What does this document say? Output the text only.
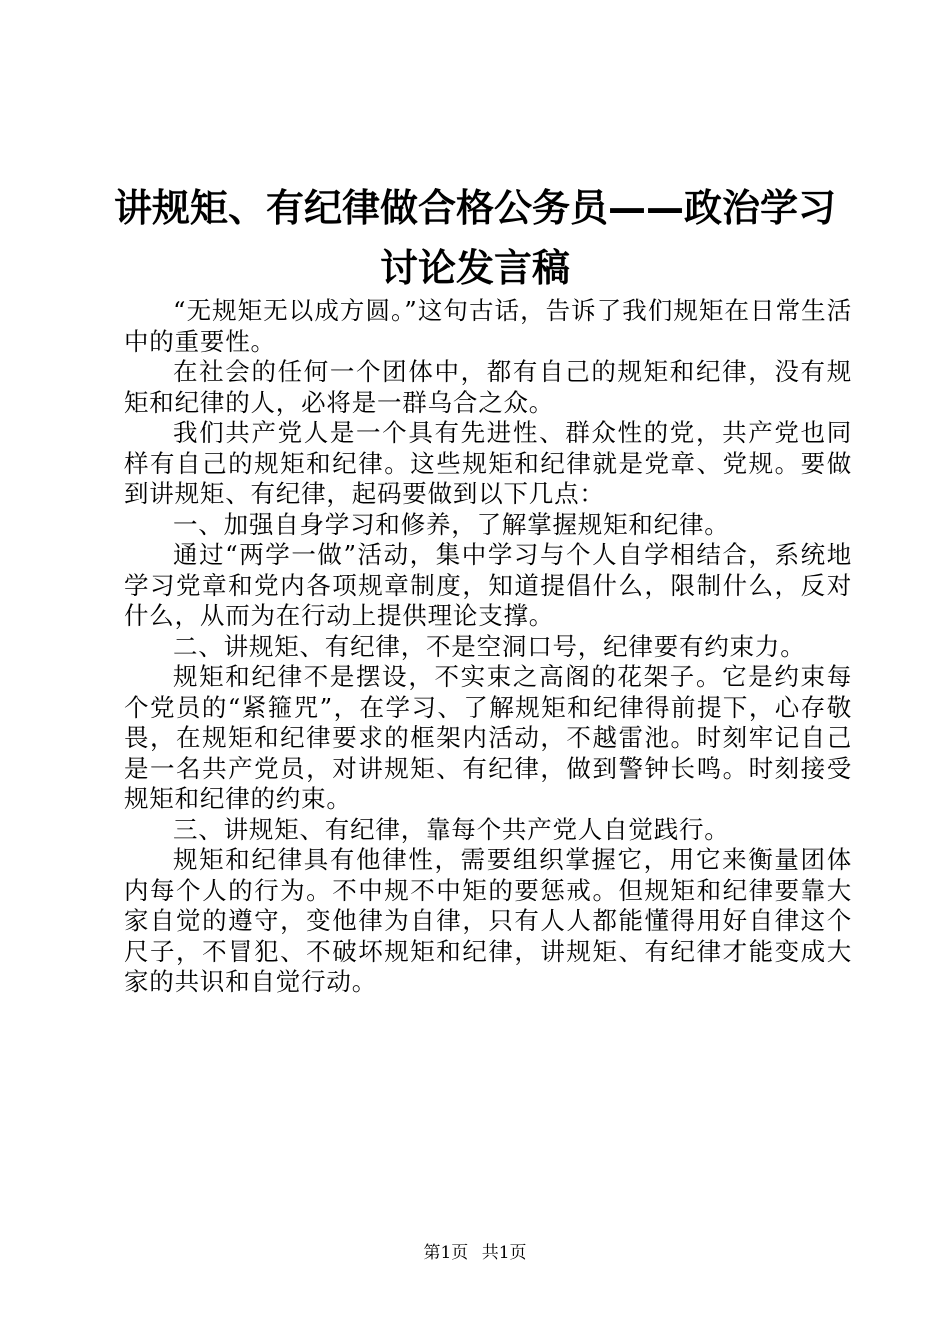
讲规矩、有纪律做合格公务员——政治学习讨论发言稿

“无规矩无以成方圆。”这句古话，告诉了我们规矩在日常生活中的重要性。

在社会的任何一个团体中，都有自己的规矩和纪律，没有规矩和纪律的人，必将是一群乌合之众。

我们共产党人是一个具有先进性、群众性的党，共产党也同样有自己的规矩和纪律。这些规矩和纪律就是党章、党规。要做到讲规矩、有纪律，起码要做到以下几点：

一、加强自身学习和修养，了解掌握规矩和纪律。

通过“两学一做”活动，集中学习与个人自学相结合，系统地学习党章和党内各项规章制度，知道提倡什么，限制什么，反对什么，从而为在行动上提供理论支撑。

二、讲规矩、有纪律，不是空洞口号，纪律要有约束力。

规矩和纪律不是摆设，不实束之高阁的花架子。它是约束每个党员的“紧箍咒”，在学习、了解规矩和纪律得前提下，心存敬畏，在规矩和纪律要求的框架内活动，不越雷池。时刻牢记自己是一名共产党员，对讲规矩、有纪律，做到警钟长鸣。时刻接受规矩和纪律的约束。

三、讲规矩、有纪律，靠每个共产党人自觉践行。

规矩和纪律具有他律性，需要组织掌握它，用它来衡量团体内每个人的行为。不中规不中矩的要惩戒。但规矩和纪律要靠大家自觉的遵守，变他律为自律，只有人人都能懂得用好自律这个尺子，不冒犯、不破坏规矩和纪律，讲规矩、有纪律才能变成大家的共识和自觉行动。

第1页 共1页
